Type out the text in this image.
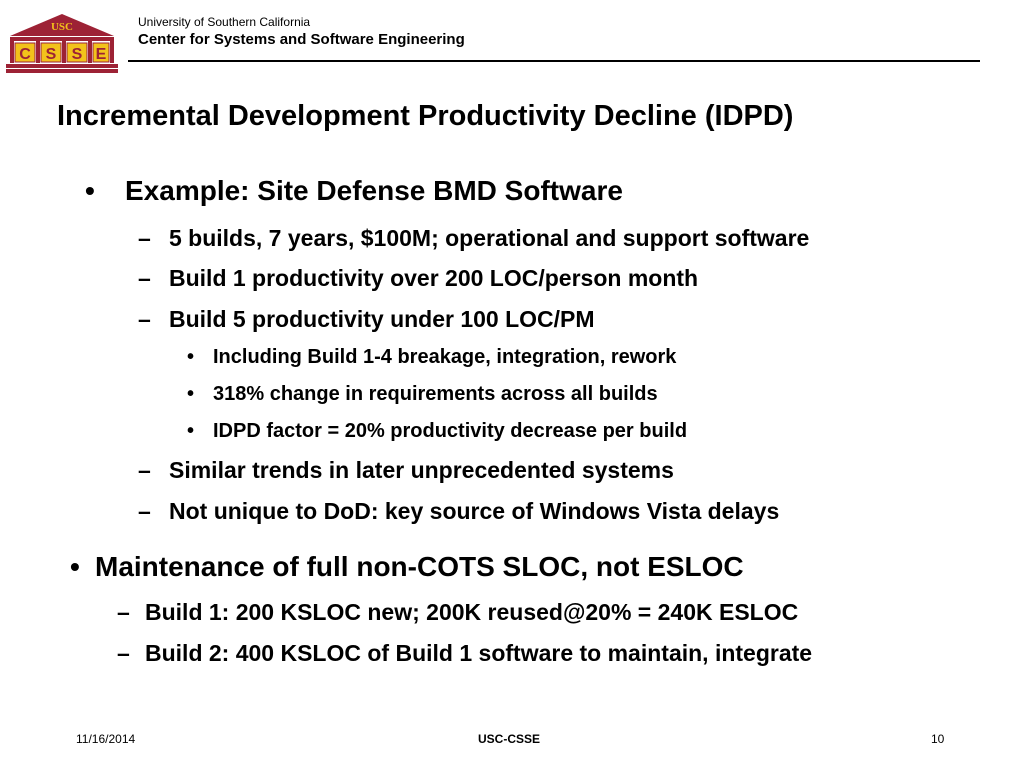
USC
C S S E
University of Southern California
Center for Systems and Software Engineering
Incremental Development Productivity Decline (IDPD)
• Example: Site Defense BMD Software
– 5 builds, 7 years, $100M; operational and support software
– Build 1 productivity over 200 LOC/person month
– Build 5 productivity under 100 LOC/PM
• Including Build 1-4 breakage, integration, rework
• 318% change in requirements across all builds
• IDPD factor = 20% productivity decrease per build
– Similar trends in later unprecedented systems
– Not unique to DoD: key source of Windows Vista delays
• Maintenance of full non-COTS SLOC, not ESLOC
– Build 1: 200 KSLOC new; 200K reused@20% = 240K ESLOC
– Build 2: 400 KSLOC of Build 1 software to maintain, integrate
11/16/2014	USC-CSSE	10
